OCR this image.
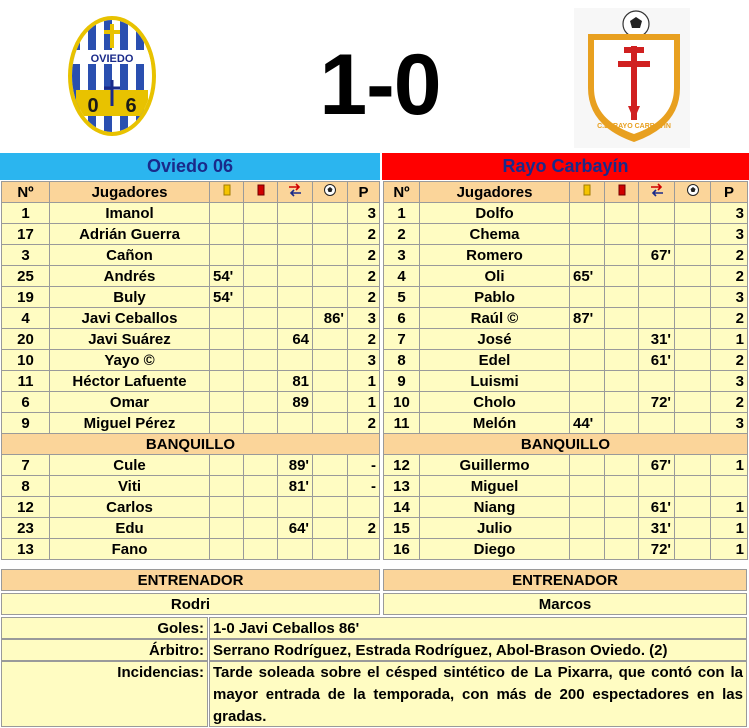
OVIEDO
0 6	1-0	C.D. RAYO CARBAYIN
Oviedo 06	Rayo Carbayín
Nº	Jugadores					P
1	Imanol					3
17	Adrián Guerra					2
3	Cañon					2
25	Andrés	54'				2
19	Buly	54'				2
4	Javi Ceballos				86'	3
20	Javi Suárez			64		2
10	Yayo ©					3
11	Héctor Lafuente			81		1
6	Omar			89		1
9	Miguel Pérez					2
BANQUILLO						
7	Cule			89'		-
8	Viti			81'		-
12	Carlos					
23	Edu			64'		2
13	Fano					
Nº	Jugadores					P
1	Dolfo					3
2	Chema					3
3	Romero			67'		2
4	Oli	65'				2
5	Pablo					3
6	Raúl ©	87'				2
7	José			31'		1
8	Edel			61'		2
9	Luismi					3
10	Cholo			72'		2
11	Melón	44'				3
BANQUILLO						
12	Guillermo			67'		1
13	Miguel					
14	Niang			61'		1
15	Julio			31'		1
16	Diego			72'		1
ENTRENADOR	ENTRENADOR
Rodri	Marcos
Goles: 1-0 Javi Ceballos 86'
Árbitro: Serrano Rodríguez, Estrada Rodríguez, Abol-Brason Oviedo. (2)
Incidencias: Tarde soleada sobre el césped sintético de La Pixarra, que contó con la mayor entrada de la temporada, con más de 200 espectadores en las gradas.
